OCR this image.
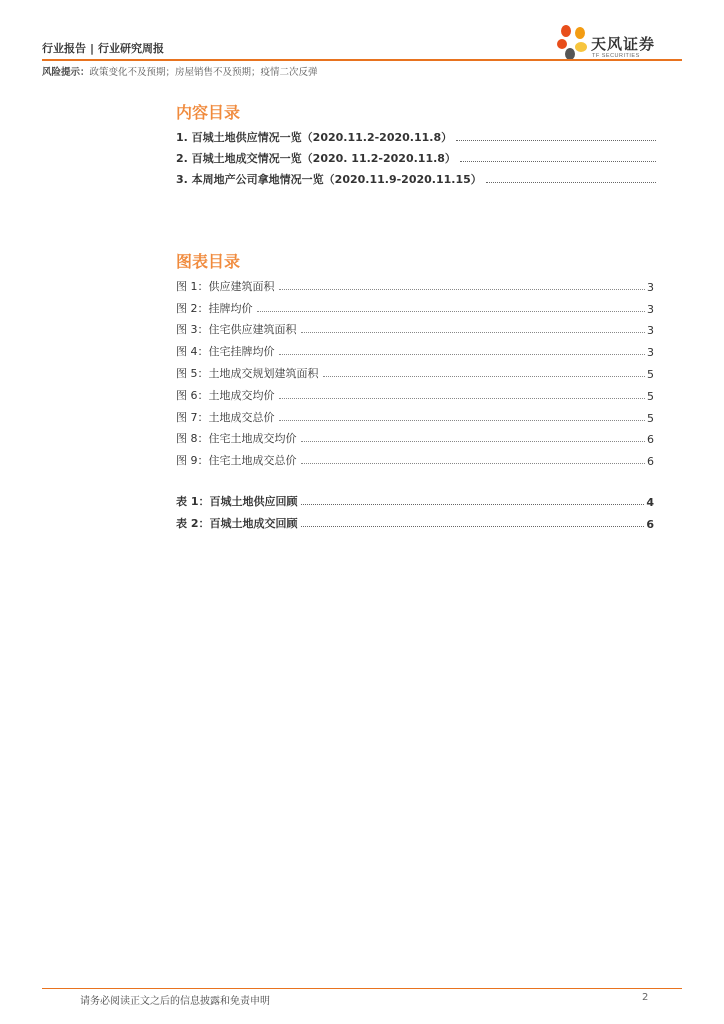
行业报告 | 行业研究周报	天风证券
TF SECURITIES
风险提示：政策变化不及预期；房屋销售不及预期；疫情二次反弹
内容目录
1. 百城土地供应情况一览（2020.11.2-2020.11.8）
2. 百城土地成交情况一览（2020. 11.2-2020.11.8）
3. 本周地产公司拿地情况一览（2020.11.9-2020.11.15）
图表目录
图 1：供应建筑面积	3
图 2：挂牌均价	3
图 3：住宅供应建筑面积	3
图 4：住宅挂牌均价	3
图 5：土地成交规划建筑面积	5
图 6：土地成交均价	5
图 7：土地成交总价	5
图 8：住宅土地成交均价	6
图 9：住宅土地成交总价	6
表 1：百城土地供应回顾	4
表 2：百城土地成交回顾	6
请务必阅读正文之后的信息披露和免责申明	2
